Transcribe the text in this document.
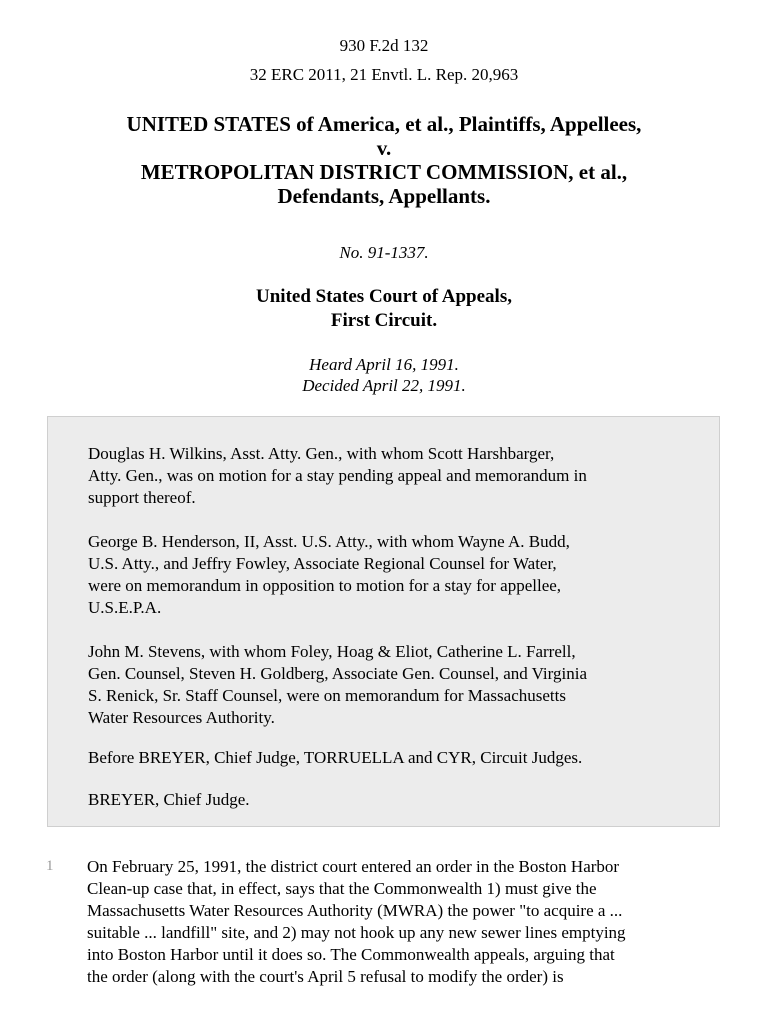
930 F.2d 132
32 ERC 2011, 21 Envtl. L. Rep. 20,963
UNITED STATES of America, et al., Plaintiffs, Appellees,
v.
METROPOLITAN DISTRICT COMMISSION, et al.,
Defendants, Appellants.
No. 91-1337.
United States Court of Appeals,
First Circuit.
Heard April 16, 1991.
Decided April 22, 1991.
Douglas H. Wilkins, Asst. Atty. Gen., with whom Scott Harshbarger,
Atty. Gen., was on motion for a stay pending appeal and memorandum in
support thereof.
George B. Henderson, II, Asst. U.S. Atty., with whom Wayne A. Budd,
U.S. Atty., and Jeffry Fowley, Associate Regional Counsel for Water,
were on memorandum in opposition to motion for a stay for appellee,
U.S.E.P.A.
John M. Stevens, with whom Foley, Hoag & Eliot, Catherine L. Farrell,
Gen. Counsel, Steven H. Goldberg, Associate Gen. Counsel, and Virginia
S. Renick, Sr. Staff Counsel, were on memorandum for Massachusetts
Water Resources Authority.
Before BREYER, Chief Judge, TORRUELLA and CYR, Circuit Judges.
BREYER, Chief Judge.
1 On February 25, 1991, the district court entered an order in the Boston Harbor
Clean-up case that, in effect, says that the Commonwealth 1) must give the
Massachusetts Water Resources Authority (MWRA) the power "to acquire a ...
suitable ... landfill" site, and 2) may not hook up any new sewer lines emptying
into Boston Harbor until it does so. The Commonwealth appeals, arguing that
the order (along with the court's April 5 refusal to modify the order) is
